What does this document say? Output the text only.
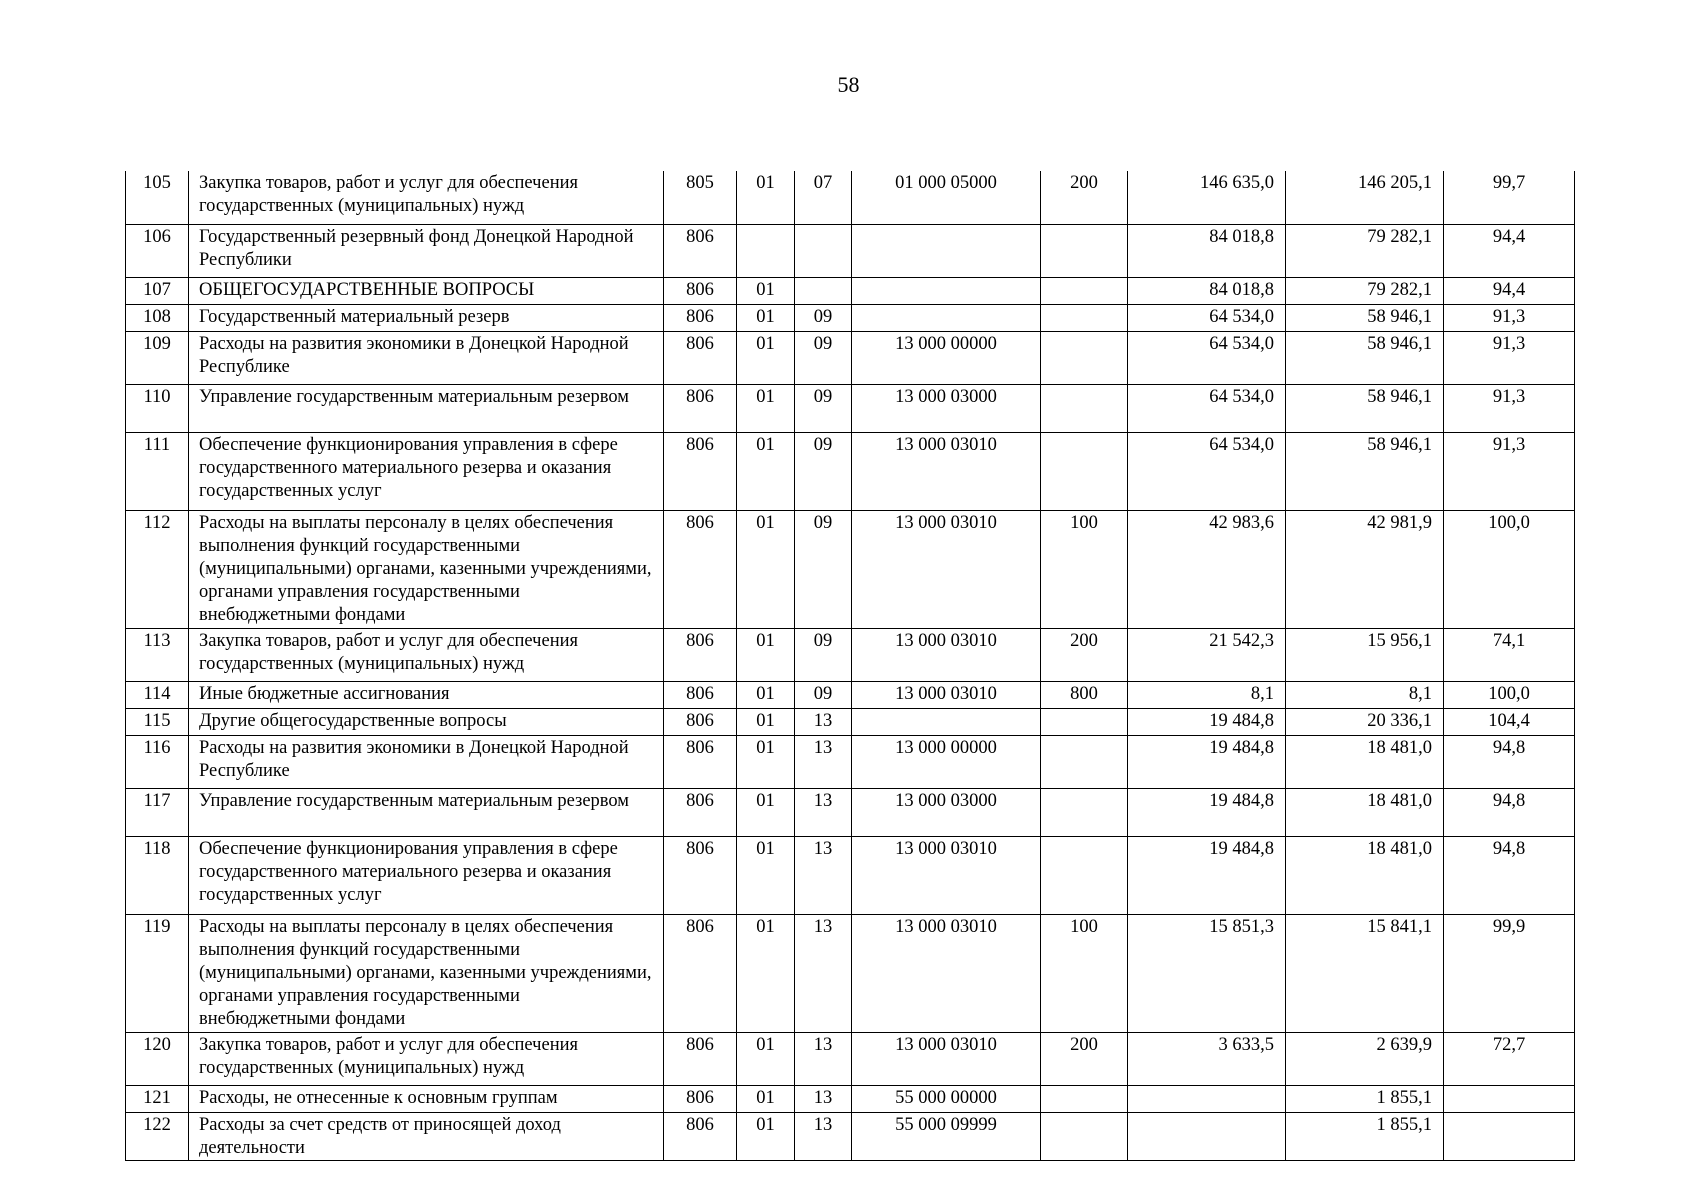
58
105	Закупка товаров, работ и услуг для обеспечения государственных (муниципальных) нужд	805	01	07	01 000 05000	200	146 635,0	146 205,1	99,7
106	Государственный резервный фонд Донецкой Народной Республики	806					84 018,8	79 282,1	94,4
107	ОБЩЕГОСУДАРСТВЕННЫЕ ВОПРОСЫ	806	01				84 018,8	79 282,1	94,4
108	Государственный материальный резерв	806	01	09			64 534,0	58 946,1	91,3
109	Расходы на развития экономики в Донецкой Народной Республике	806	01	09	13 000 00000		64 534,0	58 946,1	91,3
110	Управление государственным материальным резервом	806	01	09	13 000 03000		64 534,0	58 946,1	91,3
111	Обеспечение функционирования управления в сфере государственного материального резерва и оказания государственных услуг	806	01	09	13 000 03010		64 534,0	58 946,1	91,3
112	Расходы на выплаты персоналу в целях обеспечения выполнения функций государственными (муниципальными) органами, казенными учреждениями, органами управления государственными внебюджетными фондами	806	01	09	13 000 03010	100	42 983,6	42 981,9	100,0
113	Закупка товаров, работ и услуг для обеспечения государственных (муниципальных) нужд	806	01	09	13 000 03010	200	21 542,3	15 956,1	74,1
114	Иные бюджетные ассигнования	806	01	09	13 000 03010	800	8,1	8,1	100,0
115	Другие общегосударственные вопросы	806	01	13			19 484,8	20 336,1	104,4
116	Расходы на развития экономики в Донецкой Народной Республике	806	01	13	13 000 00000		19 484,8	18 481,0	94,8
117	Управление государственным материальным резервом	806	01	13	13 000 03000		19 484,8	18 481,0	94,8
118	Обеспечение функционирования управления в сфере государственного материального резерва и оказания государственных услуг	806	01	13	13 000 03010		19 484,8	18 481,0	94,8
119	Расходы на выплаты персоналу в целях обеспечения выполнения функций государственными (муниципальными) органами, казенными учреждениями, органами управления государственными внебюджетными фондами	806	01	13	13 000 03010	100	15 851,3	15 841,1	99,9
120	Закупка товаров, работ и услуг для обеспечения государственных (муниципальных) нужд	806	01	13	13 000 03010	200	3 633,5	2 639,9	72,7
121	Расходы, не отнесенные к основным группам	806	01	13	55 000 00000			1 855,1	
122	Расходы за счет средств от приносящей доход деятельности	806	01	13	55 000 09999			1 855,1	
